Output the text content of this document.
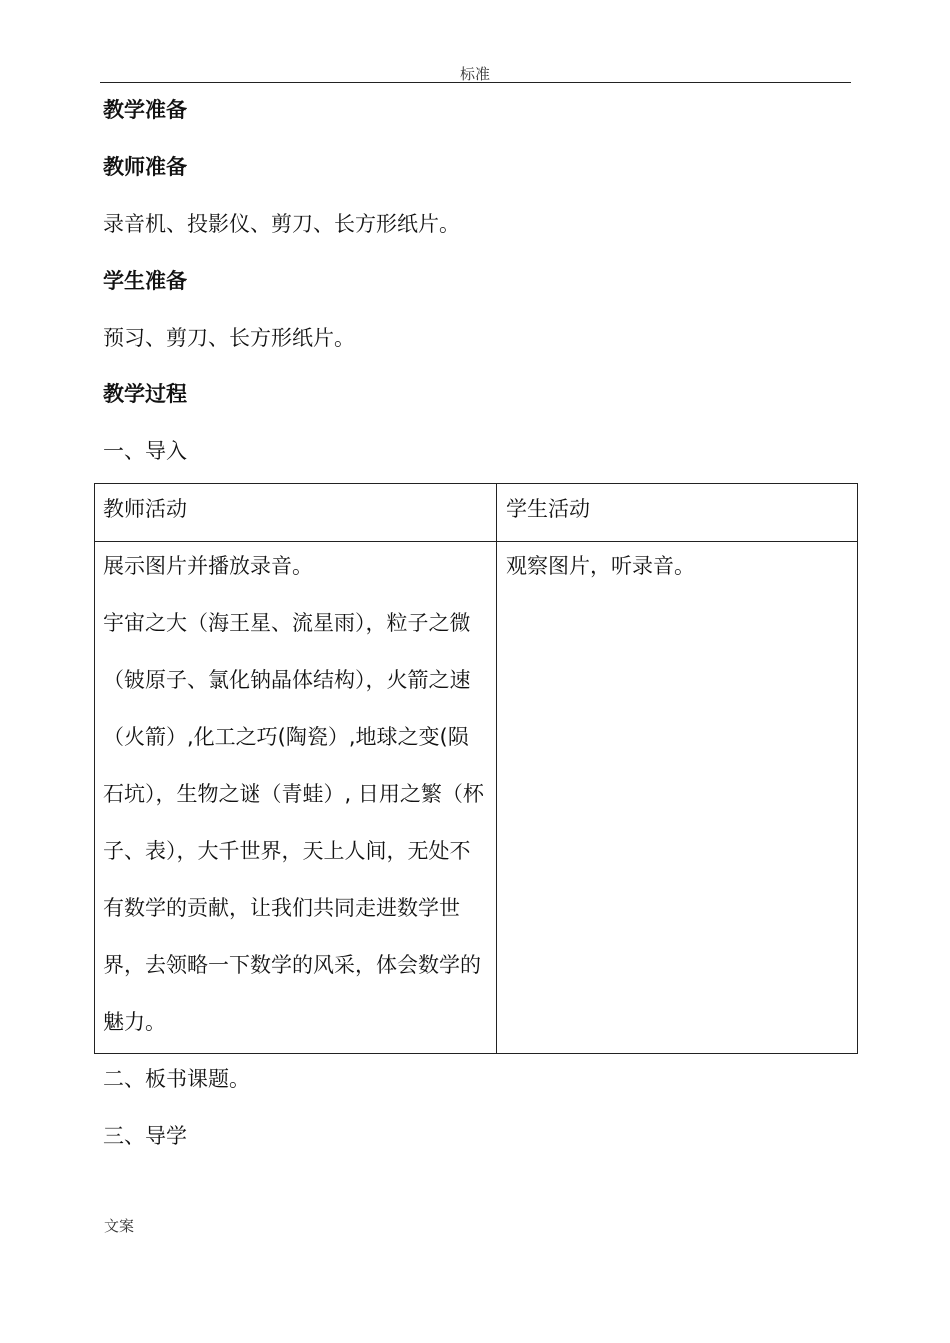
标准
教学准备
教师准备
录音机、投影仪、剪刀、长方形纸片。
学生准备
预习、剪刀、长方形纸片。
教学过程
一、导入
教师活动	学生活动
展示图片并播放录音。
宇宙之大（海王星、流星雨），粒子之微
（铍原子、氯化钠晶体结构），火箭之速
（火箭）,化工之巧(陶瓷）,地球之变(陨
石坑），生物之谜（青蛙）, 日用之繁（杯
子、表），大千世界，天上人间，无处不
有数学的贡献，让我们共同走进数学世
界，去领略一下数学的风采，体会数学的
魅力。
观察图片，听录音。
二、板书课题。
三、导学
文案
